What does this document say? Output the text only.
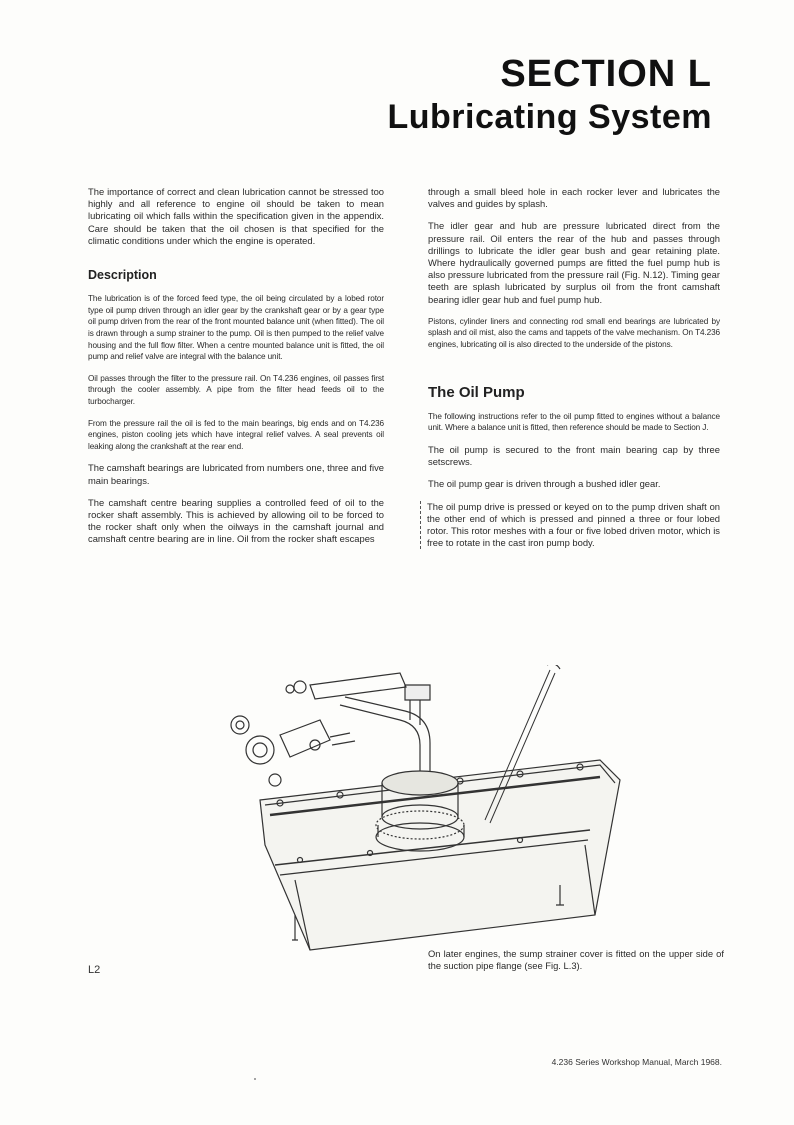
SECTION L
Lubricating System

The importance of correct and clean lubrication cannot be stressed too highly and all reference to engine oil should be taken to mean lubricating oil which falls within the specification given in the appendix. Care should be taken that the oil chosen is that specified for the climatic conditions under which the engine is operated.

Description

The lubrication is of the forced feed type, the oil being circulated by a lobed rotor type oil pump driven through an idler gear by the crankshaft gear or by a gear type oil pump driven from the rear of the front mounted balance unit (when fitted). The oil is drawn through a sump strainer to the pump. Oil is then pumped to the relief valve housing and the full flow filter. When a centre mounted balance unit is fitted, the oil pump and relief valve are integral with the balance unit.

Oil passes through the filter to the pressure rail. On T4.236 engines, oil passes first through the cooler assembly. A pipe from the filter head feeds oil to the turbocharger.

From the pressure rail the oil is fed to the main bearings, big ends and on T4.236 engines, piston cooling jets which have integral relief valves. A seal prevents oil leaking along the crankshaft at the rear end.

The camshaft bearings are lubricated from numbers one, three and five main bearings.

The camshaft centre bearing supplies a controlled feed of oil to the rocker shaft assembly. This is achieved by allowing oil to be forced to the rocker shaft only when the oilways in the camshaft journal and camshaft centre bearing are in line. Oil from the rocker shaft escapes

through a small bleed hole in each rocker lever and lubricates the valves and guides by splash.

The idler gear and hub are pressure lubricated direct from the pressure rail. Oil enters the rear of the hub and passes through drillings to lubricate the idler gear bush and gear retaining plate. Where hydraulically governed pumps are fitted the fuel pump hub is also pressure lubricated from the pressure rail (Fig. N.12). Timing gear teeth are splash lubricated by surplus oil from the front camshaft bearing idler gear hub and fuel pump hub.

Pistons, cylinder liners and connecting rod small end bearings are lubricated by splash and oil mist, also the cams and tappets of the valve mechanism. On T4.236 engines, lubricating oil is also directed to the underside of the pistons.

The Oil Pump

The following instructions refer to the oil pump fitted to engines without a balance unit. Where a balance unit is fitted, then reference should be made to Section J.

The oil pump is secured to the front main bearing cap by three setscrews.

The oil pump gear is driven through a bushed idler gear.

The oil pump drive is pressed or keyed on to the pump driven shaft on the other end of which is pressed and pinned a three or four lobed rotor. This rotor meshes with a four or five lobed driven motor, which is free to rotate in the cast iron pump body.

L2
On later engines, the sump strainer cover is fitted on the upper side of the suction pipe flange (see Fig. L.3).
4.236 Series Workshop Manual, March 1968.
